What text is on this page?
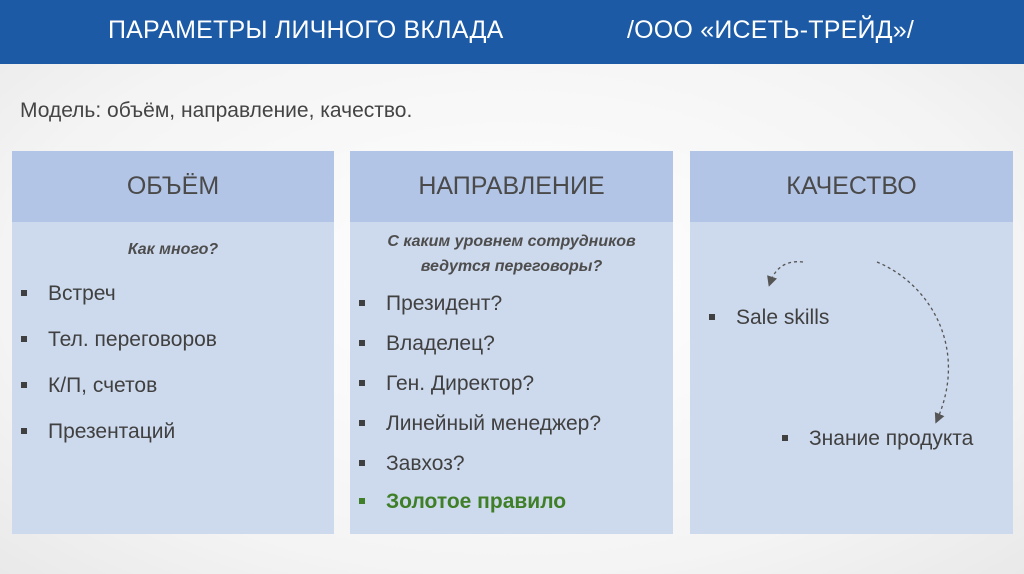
ПАРАМЕТРЫ ЛИЧНОГО ВКЛАДА	/ООО «ИСЕТЬ-ТРЕЙД»/
Модель: объём, направление, качество.
ОБЪЁМ
Как много?
Встреч
Тел. переговоров
К/П, счетов
Презентаций
НАПРАВЛЕНИЕ
С каким уровнем сотрудников
ведутся переговоры?
Президент?
Владелец?
Ген. Директор?
Линейный менеджер?
Завхоз?
Золотое правило
КАЧЕСТВО
Sale skills
Знание продукта
